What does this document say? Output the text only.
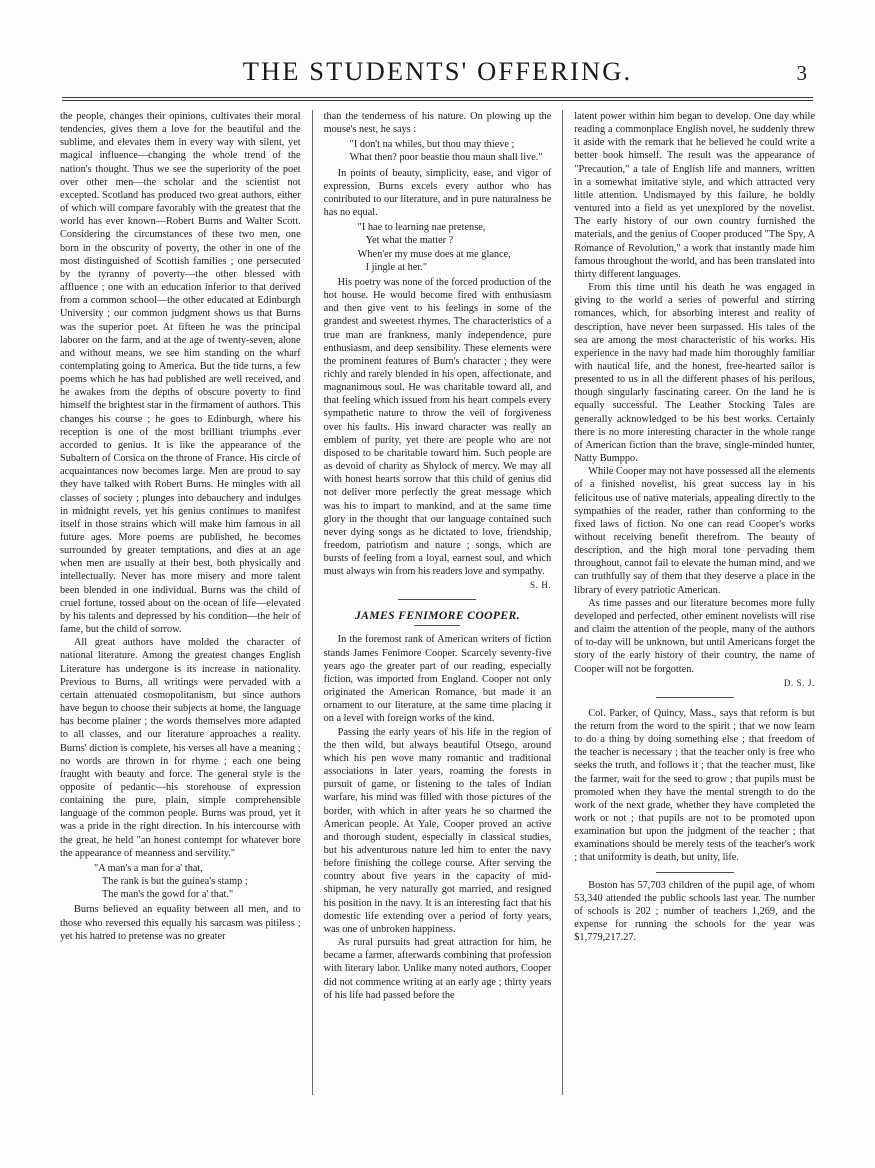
THE STUDENTS' OFFERING.	3

the people, changes their opinions, cultivates their moral tendencies, gives them a love for the beautiful and the sublime, and elevates them in every way with silent, yet magical influence—changing the whole trend of the nation's thought. Thus we see the superiority of the poet over other men—the scholar and the scientist not excepted. Scotland has produced two great authors, either of which will compare favorably with the greatest that the world has ever known—Robert Burns and Walter Scott. Considering the circumstances of these two men, one born in the obscurity of poverty, the other in one of the most distinguished of Scottish families ; one persecuted by the tyranny of poverty—the other blessed with affluence ; one with an education inferior to that derived from a common school—the other educated at Edinburgh University ; our common judgment shows us that Burns was the superior poet. At fifteen he was the principal laborer on the farm, and at the age of twenty-seven, alone and without means, we see him standing on the wharf contemplating going to America. But the tide turns, a few poems which he has had published are well received, and he awakes from the depths of obscure poverty to find himself the brightest star in the firmament of authors. This changes his course ; he goes to Edinburgh, where his reception is one of the most brilliant triumphs ever accorded to genius. It is like the appearance of the Subaltern of Corsica on the throne of France. His circle of acquaintances now becomes large. Men are proud to say they have talked with Robert Burns. He mingles with all classes of society ; plunges into debauchery and indulges in midnight revels, yet his genius continues to manifest itself in those strains which will make him famous in all future ages. More poems are published, he becomes surrounded by greater temptations, and dies at an age when men are usually at their best, both physically and intellectually. Never has more misery and more talent been blended in one individual. Burns was the child of cruel fortune, tossed about on the ocean of life—elevated by his talents and depressed by his condition—the heir of fame, but the child of sorrow.

All great authors have molded the character of national literature. Among the greatest changes English Literature has undergone is its increase in nationality. Previous to Burns, all writings were pervaded with a certain attenuated cosmopolitanism, but since authors have begun to choose their subjects at home, the language has become plainer ; the words themselves more adapted to all classes, and our literature approaches a reality. Burns' diction is complete, his verses all have a meaning ; no words are thrown in for rhyme ; each one being fraught with beauty and force. The general style is the opposite of pedantic—his storehouse of expression containing the pure, plain, simple comprehensible language of the common people. Burns was proud, yet it was a pride in the right direction. In his intercourse with the great, he held "an honest contempt for whatever bore the appearance of meanness and servility."

"A man's a man for a' that,
The rank is but the guinea's stamp ;
The man's the gowd for a' that."

Burns believed an equality between all men, and to those who reversed this equally his sarcasm was pitiless ; yet his hatred to pretense was no greater

than the tenderness of his nature. On plowing up the mouse's nest, he says :

"I don't na whiles, but thou may thieve ;
What then? poor beastie thou maun shall live."

In points of beauty, simplicity, ease, and vigor of expression, Burns excels every author who has contributed to our literature, and in pure naturalness he has no equal.

"I hae to learning nae pretense,
Yet what the matter ?
When'er my muse does at me glance,
I jingle at her."

His poetry was none of the forced production of the hot house. He would become fired with enthusiasm and then give vent to his feelings in some of the grandest and sweetest rhymes. The characteristics of a true man are frankness, manly independence, pure enthusiasm, and deep sensibility. These elements were the prominent features of Burn's character ; they were richly and rarely blended in his open, affectionate, and magnanimous soul. He was charitable toward all, and that feeling which issued from his heart compels every sympathetic nature to throw the veil of forgiveness over his faults. His inward character was really an emblem of purity, yet there are people who are not disposed to be charitable toward him. Such people are as devoid of charity as Shylock of mercy. We may all with honest hearts sorrow that this child of genius did not deliver more perfectly the great message which was his to impart to mankind, and at the same time glory in the thought that our language contained such never dying songs as he dictated to love, friendship, freedom, patriotism and nature ; songs, which are bursts of feeling from a loyal, earnest soul, and which must always win from his readers love and sympathy.

S. H.
JAMES FENIMORE COOPER.

In the foremost rank of American writers of fiction stands James Fenimore Cooper. Scarcely seventy-five years ago the greater part of our reading, especially fiction, was imported from England. Cooper not only originated the American Romance, but made it an ornament to our literature, at the same time placing it on a level with foreign works of the kind.

Passing the early years of his life in the region of the then wild, but always beautiful Otsego, around which his pen wove many romantic and traditional associations in later years, roaming the forests in pursuit of game, or listening to the tales of Indian warfare, his mind was filled with those pictures of the border, with which in after years he so charmed the American people. At Yale, Cooper proved an active and thorough student, especially in classical studies, but his adventurous nature led him to enter the navy before finishing the college course. After serving the country about five years in the capacity of mid-shipman, he very naturally got married, and resigned his position in the navy. It is an interesting fact that his domestic life extending over a period of forty years, was one of unbroken happiness.

As rural pursuits had great attraction for him, he became a farmer, afterwards combining that profession with literary labor. Unlike many noted authors, Cooper did not commence writing at an early age ; thirty years of his life had passed before the

latent power within him began to develop. One day while reading a commonplace English novel, he suddenly threw it aside with the remark that he believed he could write a better book himself. The result was the appearance of "Precaution," a tale of English life and manners, written in a somewhat imitative style, and which attracted very little attention. Undismayed by this failure, he boldly ventured into a field as yet unexplored by the novelist. The early history of our own country furnished the materials, and the genius of Cooper produced "The Spy, A Romance of Revolution," a work that instantly made him famous throughout the world, and has been translated into thirty different languages.

From this time until his death he was engaged in giving to the world a series of powerful and stirring romances, which, for absorbing interest and reality of description, have never been surpassed. His tales of the sea are among the most characteristic of his works. His experience in the navy had made him thoroughly familiar with nautical life, and the honest, free-hearted sailor is presented to us in all the different phases of his perilous, though singularly fascinating career. On the land he is equally successful. The Leather Stocking Tales are generally acknowledged to be his best works. Certainly there is no more interesting character in the whole range of American fiction than the brave, single-minded hunter, Natty Bumppo.

While Cooper may not have possessed all the elements of a finished novelist, his great success lay in his felicitous use of native materials, appealing directly to the sympathies of the reader, rather than conforming to the fixed laws of fiction. No one can read Cooper's works without receiving benefit therefrom. The beauty of description, and the high moral tone pervading them throughout, cannot fail to elevate the human mind, and we can truthfully say of them that they deserve a place in the library of every patriotic American.

As time passes and our literature becomes more fully developed and perfected, other eminent novelists will rise and claim the attention of the people, many of the authors of to-day will be unknown, but until Americans forget the story of the early history of their country, the name of Cooper will not be forgotten.

D. S. J.

Col. Parker, of Quincy, Mass., says that reform is but the return from the word to the spirit ; that we now learn to do a thing by doing something else ; that freedom of the teacher is necessary ; that the teacher only is free who seeks the truth, and follows it ; that the teacher must, like the farmer, wait for the seed to grow ; that pupils must be promoted when they have the mental strength to do the work of the next grade, whether they have completed the work or not ; that pupils are not to be promoted upon examination but upon the judgment of the teacher ; that examinations should be merely tests of the teacher's work ; that uniformity is death, but unity, life.

Boston has 57,703 children of the pupil age, of whom 53,340 attended the public schools last year. The number of schools is 202 ; number of teachers 1,269, and the expense for running the schools for the year was $1,779,217.27.
